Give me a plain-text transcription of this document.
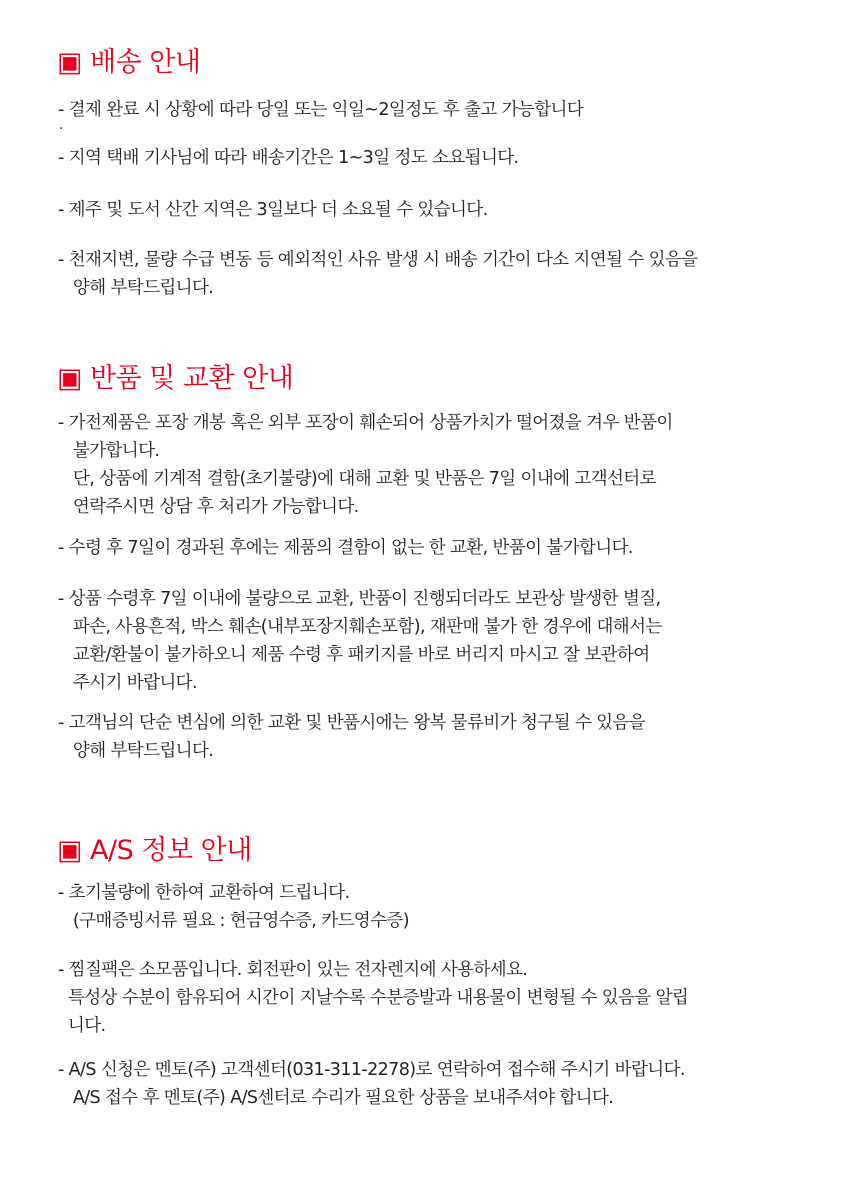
▣ 배송 안내

- 결제 완료 시 상황에 따라 당일 또는 익일~2일정도 후 출고 가능합니다

.

- 지역 택배 기사님에 따라 배송기간은 1~3일 정도 소요됩니다.

- 제주 및 도서 산간 지역은 3일보다 더 소요될 수 있습니다.

- 천재지변, 물량 수급 변동 등 예외적인 사유 발생 시 배송 기간이 다소 지연될 수 있음을
양해 부탁드립니다.

▣ 반품 및 교환 안내

- 가전제품은 포장 개봉 혹은 외부 포장이 훼손되어 상품가치가 떨어졌을 겨우 반품이
불가합니다.
단, 상품에 기계적 결함(초기불량)에 대해 교환 및 반품은 7일 이내에 고객선터로
연락주시면 상담 후 처리가 가능합니다.

- 수령 후 7일이 경과된 후에는 제품의 결함이 없는 한 교환, 반품이 불가합니다.

- 상품 수령후 7일 이내에 불량으로 교환, 반품이 진행되더라도 보관상 발생한 별질,
파손, 사용흔적, 박스 훼손(내부포장지훼손포함), 재판매 불가 한 경우에 대해서는
교환/환불이 불가하오니 제품 수령 후 패키지를 바로 버리지 마시고 잘 보관하여
주시기 바랍니다.

- 고객님의 단순 변심에 의한 교환 및 반품시에는 왕복 물류비가 청구될 수 있음을
양해 부탁드립니다.

▣ A/S 정보 안내

- 초기불량에 한하여 교환하여 드립니다.
(구매증빙서류 필요 : 현금영수증, 카드영수증)

- 찜질팩은 소모품입니다. 회전판이 있는 전자렌지에 사용하세요.
특성상 수분이 함유되어 시간이 지날수록 수분증발과 내용물이 변형될 수 있음을 알립
니다.

- A/S 신청은 멘토(주) 고객센터(031-311-2278)로 연락하여 접수해 주시기 바랍니다.
A/S 접수 후 멘토(주) A/S센터로 수리가 필요한 상품을 보내주셔야 합니다.
